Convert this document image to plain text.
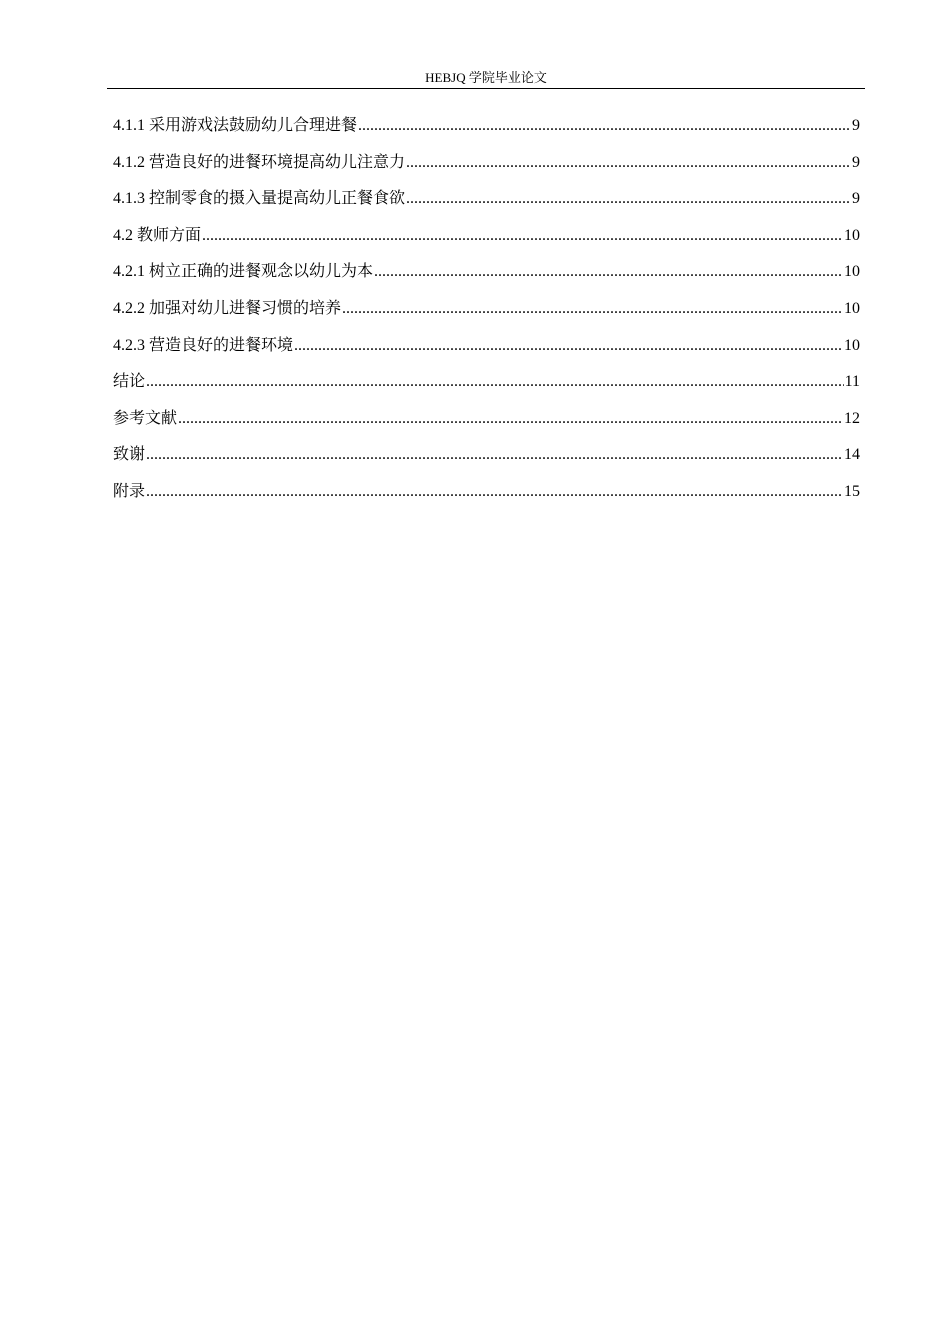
HEBJQ 学院毕业论文
4.1.1 采用游戏法鼓励幼儿合理进餐 .....	9
4.1.2 营造良好的进餐环境提高幼儿注意力 .....	9
4.1.3 控制零食的摄入量提高幼儿正餐食欲 .....	9
4.2 教师方面 .....	10
4.2.1 树立正确的进餐观念以幼儿为本 .....	10
4.2.2 加强对幼儿进餐习惯的培养 .....	10
4.2.3 营造良好的进餐环境 .....	10
结论 .....	11
参考文献 .....	12
致谢 .....	14
附录 .....	15
